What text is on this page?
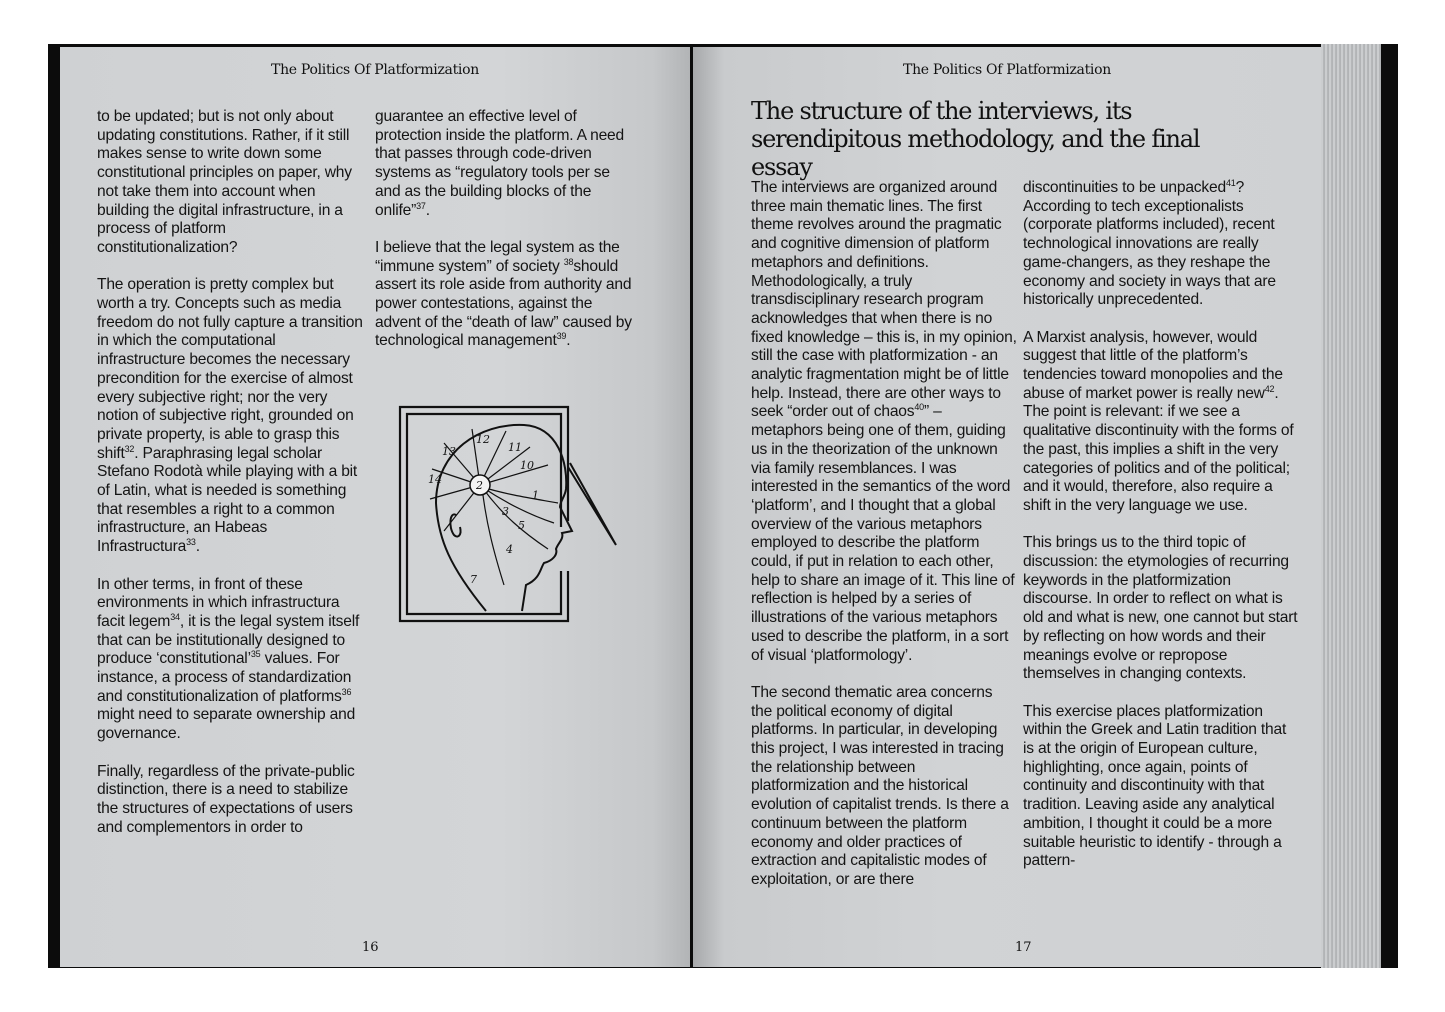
The Politics Of Platformization

to be updated; but is not only about updating constitutions. Rather, if it still makes sense to write down some constitutional principles on paper, why not take them into account when building the digital infrastructure, in a process of platform constitutionalization?

The operation is pretty complex but worth a try. Concepts such as media freedom do not fully capture a transition in which the computational infrastructure becomes the necessary precondition for the exercise of almost every subjective right; nor the very notion of subjective right, grounded on private property, is able to grasp this shift$^{32}$. Paraphrasing legal scholar Stefano Rodotà while playing with a bit of Latin, what is needed is something that resembles a right to a common infrastructure, an Habeas Infrastructura$^{33}$.

In other terms, in front of these environments in which infrastructura facit legem$^{34}$, it is the legal system itself that can be institutionally designed to produce ‘constitutional’$^{35}$ values. For instance, a process of standardization and constitutionalization of platforms$^{36}$ might need to separate ownership and governance.

Finally, regardless of the private-public distinction, there is a need to stabilize the structures of expectations of users and complementors in order to

guarantee an effective level of protection inside the platform. A need that passes through code-driven systems as “regulatory tools per se and as the building blocks of the onlife”$^{37}$.

I believe that the legal system as the “immune system” of society $^{38}$should assert its role aside from authority and power contestations, against the advent of the “death of law” caused by technological management$^{39}$.

13
12
11
10
14	2
1
3
5
4
7
16
The Politics Of Platformization
The structure of the interviews, its serendipitous methodology, and the final essay

The interviews are organized around three main thematic lines. The first theme revolves around the pragmatic and cognitive dimension of platform metaphors and definitions. Methodologically, a truly transdisciplinary research program acknowledges that when there is no fixed knowledge – this is, in my opinion, still the case with platformization - an analytic fragmentation might be of little help. Instead, there are other ways to seek “order out of chaos$^{40}$” – metaphors being one of them, guiding us in the theorization of the unknown via family resemblances. I was interested in the semantics of the word ‘platform’, and I thought that a global overview of the various metaphors employed to describe the platform could, if put in relation to each other, help to share an image of it. This line of reflection is helped by a series of illustrations of the various metaphors used to describe the platform, in a sort of visual ‘platformology’.

The second thematic area concerns the political economy of digital platforms. In particular, in developing this project, I was interested in tracing the relationship between platformization and the historical evolution of capitalist trends. Is there a continuum between the platform economy and older practices of extraction and capitalistic modes of exploitation, or are there

discontinuities to be unpacked$^{41}$? According to tech exceptionalists (corporate platforms included), recent technological innovations are really game-changers, as they reshape the economy and society in ways that are historically unprecedented.

A Marxist analysis, however, would suggest that little of the platform’s tendencies toward monopolies and the abuse of market power is really new$^{42}$. The point is relevant: if we see a qualitative discontinuity with the forms of the past, this implies a shift in the very categories of politics and of the political; and it would, therefore, also require a shift in the very language we use.

This brings us to the third topic of discussion: the etymologies of recurring keywords in the platformization discourse. In order to reflect on what is old and what is new, one cannot but start by reflecting on how words and their meanings evolve or repropose themselves in changing contexts.

This exercise places platformization within the Greek and Latin tradition that is at the origin of European culture, highlighting, once again, points of continuity and discontinuity with that tradition. Leaving aside any analytical ambition, I thought it could be a more suitable heuristic to identify - through a pattern-

17
